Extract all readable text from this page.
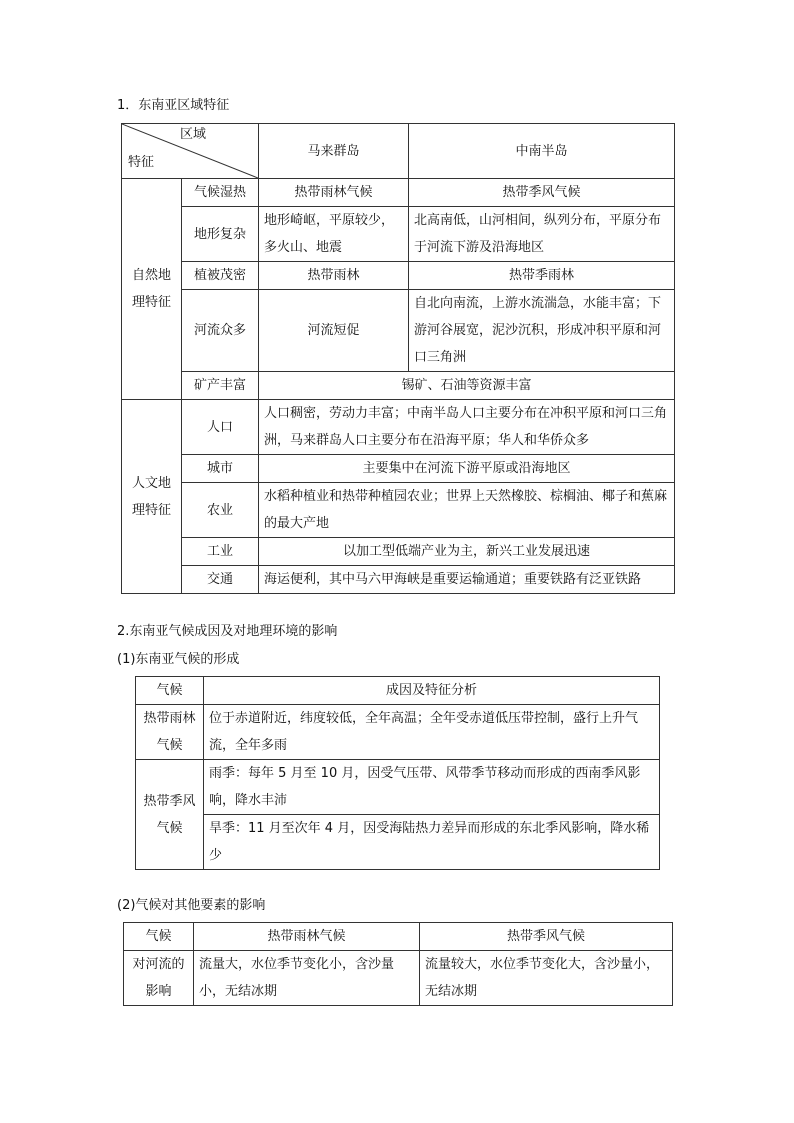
1．东南亚区域特征
区域
特征		马来群岛	中南半岛
自然地理特征	气候湿热	热带雨林气候	热带季风气候
	地形复杂	地形崎岖，平原较少，多火山、地震	北高南低，山河相间，纵列分布，平原分布于河流下游及沿海地区
	植被茂密	热带雨林	热带季雨林
	河流众多	河流短促	自北向南流，上游水流湍急，水能丰富；下游河谷展宽，泥沙沉积，形成冲积平原和河口三角洲
	矿产丰富	锡矿、石油等资源丰富	
人文地理特征	人口	人口稠密，劳动力丰富；中南半岛人口主要分布在冲积平原和河口三角洲，马来群岛人口主要分布在沿海平原；华人和华侨众多	
	城市	主要集中在河流下游平原或沿海地区	
	农业	水稻种植业和热带种植园农业；世界上天然橡胶、棕榈油、椰子和蕉麻的最大产地	
	工业	以加工型低端产业为主，新兴工业发展迅速	
	交通	海运便利，其中马六甲海峡是重要运输通道；重要铁路有泛亚铁路	
2.东南亚气候成因及对地理环境的影响
(1)东南亚气候的形成
气候	成因及特征分析
热带雨林气候	位于赤道附近，纬度较低，全年高温；全年受赤道低压带控制，盛行上升气流，全年多雨
热带季风气候	雨季：每年 5 月至 10 月，因受气压带、风带季节移动而形成的西南季风影响，降水丰沛
	旱季：11 月至次年 4 月，因受海陆热力差异而形成的东北季风影响，降水稀少
(2)气候对其他要素的影响
气候	热带雨林气候	热带季风气候
对河流的影响	流量大，水位季节变化小，含沙量小，无结冰期	流量较大，水位季节变化大，含沙量小，无结冰期
